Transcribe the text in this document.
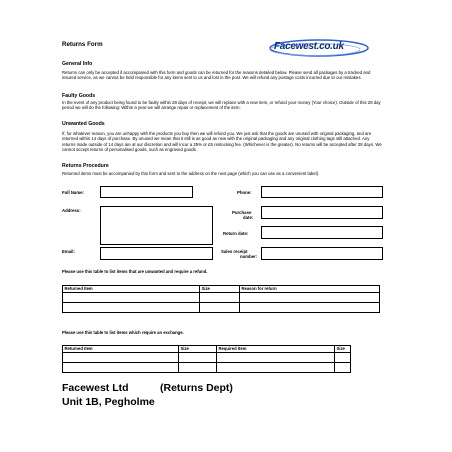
Returns Form	Facewest.co.uk
General Info
Returns can only be accepted if accompanied with this form and goods can be returned for the reasons detailed below. Please send all packages by a tracked and insured service, as we cannot be held responsible for any items sent to us and lost in the post. We will refund any postage costs incurred due to our mistakes.
Faulty Goods
In the event of any product being found to be faulty within 28 days of receipt, we will replace with a new item, or refund your money (Your choice). Outside of this 28 day period we will do the following: Within a year we will arrange repair or replacement of the item.
Unwanted Goods
If, for whatever reason, you are unhappy with the products you buy then we will refund you. We just ask that the goods are unused with original packaging, and are returned within 14 days of purchase. By unused we mean that it still is as good as new with the original packaging and any original clothing tags still attached. Any returns made outside of 14 days are at our discretion and will incur a 25% or £5 restocking fee. (Whichever is the greater). No returns will be accepted after 28 days. We cannot accept returns of personalised goods, such as engraved goods.
Returns Procedure
Returned items must be accompanied by this form and sent to the address on the next page (which you can use as a convenient label).
Full Name:	Phone:
Address:	Purchase
date:
Return date:
Email:	Sales receipt
number:
Please use this table to list items that are unwanted and require a refund.
Returned Item	Size	Reason for return

Please use this table to list items which require an exchange.
Returned Item	Size	Required Item	Size

Facewest Ltd	(Returns Dept)
Unit 1B, Pegholme
